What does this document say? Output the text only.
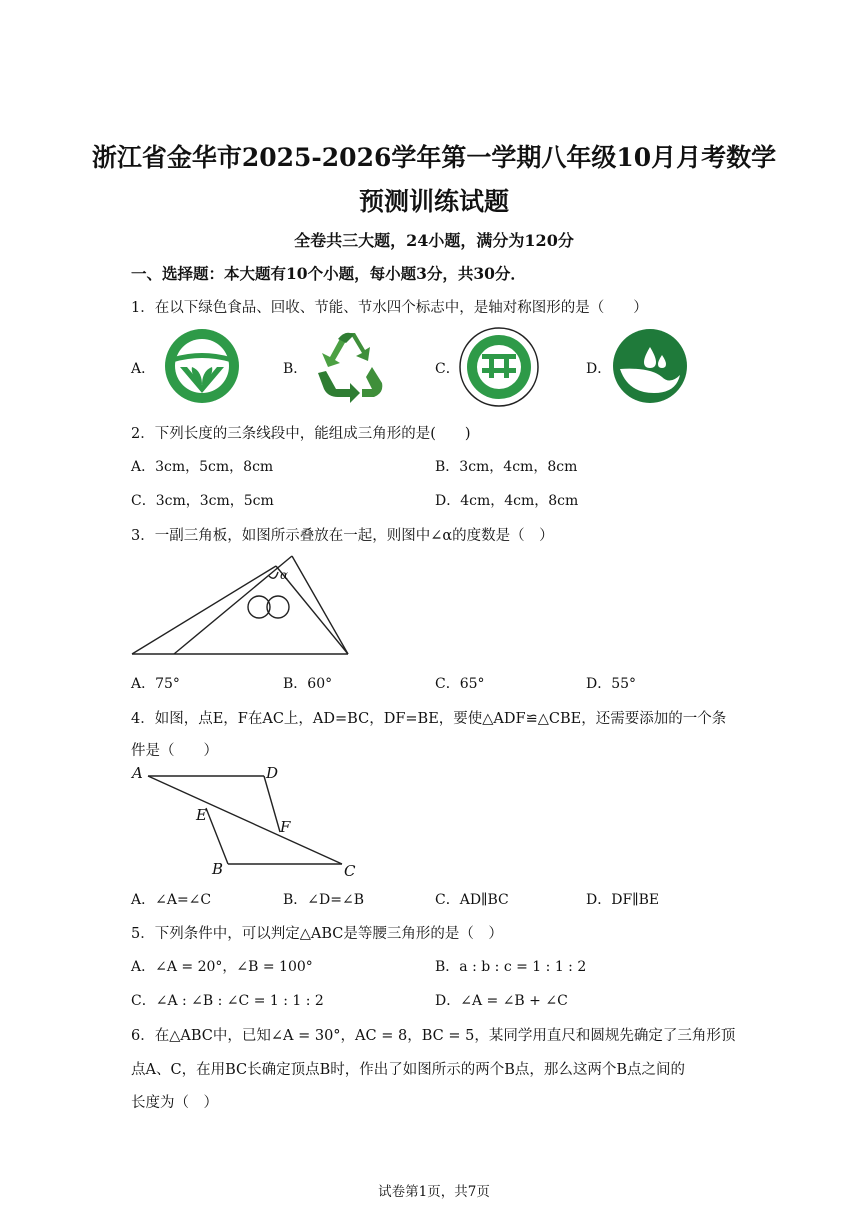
浙江省金华市2025-2026学年第一学期八年级10月月考数学
预测训练试题
全卷共三大题，24小题，满分为120分
一、选择题：本大题有10个小题，每小题3分，共30分．
1．在以下绿色食品、回收、节能、节水四个标志中，是轴对称图形的是（　　）
A．	B．	C．	D．
2．下列长度的三条线段中，能组成三角形的是(　　)
A．3cm，5cm，8cm	B．3cm，4cm，8cm
C．3cm，3cm，5cm	D．4cm，4cm，8cm
3．一副三角板，如图所示叠放在一起，则图中∠α的度数是（　）
α
A．75°	B．60°	C．65°	D．55°
4．如图，点E，F在AC上，AD=BC，DF=BE，要使△ADF≌△CBE，还需要添加的一个条
件是（　　）
A	D
E
F
B	C
A．∠A=∠C	B．∠D=∠B	C．AD∥BC	D．DF∥BE
5．下列条件中，可以判定△ABC是等腰三角形的是（　）
A．∠A = 20°，∠B = 100°	B．a : b : c = 1 : 1 : 2
C．∠A : ∠B : ∠C = 1 : 1 : 2	D．∠A = ∠B + ∠C
6．在△ABC中，已知∠A = 30°，AC = 8，BC = 5，某同学用直尺和圆规先确定了三角形顶
点A、C，在用BC长确定顶点B时，作出了如图所示的两个B点，那么这两个B点之间的
长度为（　）
试卷第1页，共7页
